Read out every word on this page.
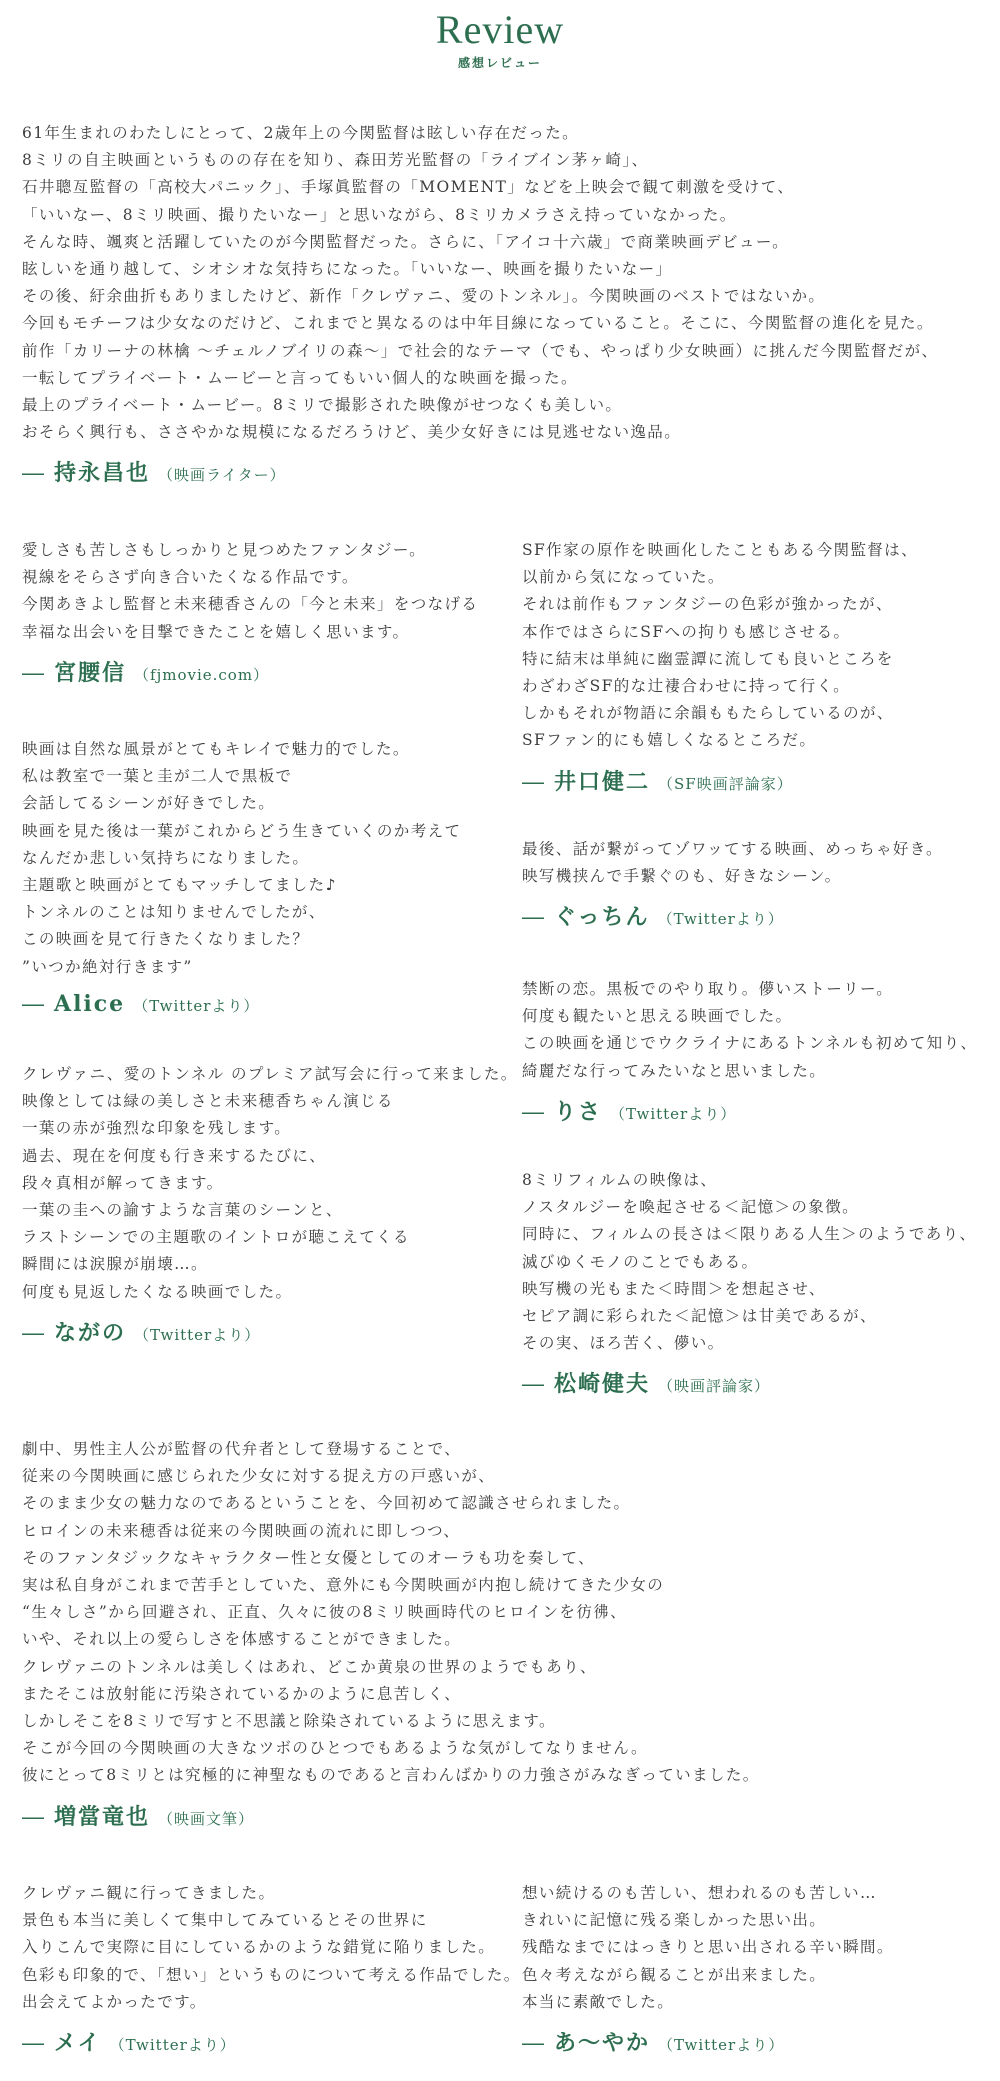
Review
感想レビュー
61年生まれのわたしにとって、2歳年上の今関監督は眩しい存在だった。
8ミリの自主映画というものの存在を知り、森田芳光監督の「ライブイン茅ヶ崎」、
石井聰亙監督の「高校大パニック」、手塚眞監督の「MOMENT」などを上映会で観て刺激を受けて、
「いいなー、8ミリ映画、撮りたいなー」と思いながら、8ミリカメラさえ持っていなかった。
そんな時、颯爽と活躍していたのが今関監督だった。さらに、「アイコ十六歳」で商業映画デビュー。
眩しいを通り越して、シオシオな気持ちになった。「いいなー、映画を撮りたいなー」
その後、紆余曲折もありましたけど、新作「クレヴァニ、愛のトンネル」。今関映画のベストではないか。
今回もモチーフは少女なのだけど、これまでと異なるのは中年目線になっていること。そこに、今関監督の進化を見た。
前作「カリーナの林檎 ～チェルノブイリの森～」で社会的なテーマ（でも、やっぱり少女映画）に挑んだ今関監督だが、
一転してプライベート・ムービーと言ってもいい個人的な映画を撮った。
最上のプライベート・ムービー。8ミリで撮影された映像がせつなくも美しい。
おそらく興行も、ささやかな規模になるだろうけど、美少女好きには見逃せない逸品。
― 持永昌也 （映画ライター）
愛しさも苦しさもしっかりと見つめたファンタジー。
視線をそらさず向き合いたくなる作品です。
今関あきよし監督と未来穂香さんの「今と未来」をつなげる
幸福な出会いを目撃できたことを嬉しく思います。
― 宮腰信 （fjmovie.com）
映画は自然な風景がとてもキレイで魅力的でした。
私は教室で一葉と圭が二人で黒板で
会話してるシーンが好きでした。
映画を見た後は一葉がこれからどう生きていくのか考えて
なんだか悲しい気持ちになりました。
主題歌と映画がとてもマッチしてました♪
トンネルのことは知りませんでしたが、
この映画を見て行きたくなりました？
”いつか絶対行きます”
― Alice （Twitterより）
クレヴァニ、愛のトンネル のプレミア試写会に行って来ました。
映像としては緑の美しさと未来穂香ちゃん演じる
一葉の赤が強烈な印象を残します。
過去、現在を何度も行き来するたびに、
段々真相が解ってきます。
一葉の圭への諭すような言葉のシーンと、
ラストシーンでの主題歌のイントロが聴こえてくる
瞬間には涙腺が崩壊…。
何度も見返したくなる映画でした。
― ながの （Twitterより）
SF作家の原作を映画化したこともある今関監督は、
以前から気になっていた。
それは前作もファンタジーの色彩が強かったが、
本作ではさらにSFへの拘りも感じさせる。
特に結末は単純に幽霊譚に流しても良いところを
わざわざSF的な辻褄合わせに持って行く。
しかもそれが物語に余韻ももたらしているのが、
SFファン的にも嬉しくなるところだ。
― 井口健二 （SF映画評論家）
最後、話が繋がってゾワッてする映画、めっちゃ好き。
映写機挟んで手繋ぐのも、好きなシーン。
― ぐっちん （Twitterより）
禁断の恋。黒板でのやり取り。儚いストーリー。
何度も観たいと思える映画でした。
この映画を通じでウクライナにあるトンネルも初めて知り、
綺麗だな行ってみたいなと思いました。
― りさ （Twitterより）
8ミリフィルムの映像は、
ノスタルジーを喚起させる＜記憶＞の象徴。
同時に、フィルムの長さは＜限りある人生＞のようであり、
滅びゆくモノのことでもある。
映写機の光もまた＜時間＞を想起させ、
セピア調に彩られた＜記憶＞は甘美であるが、
その実、ほろ苦く、儚い。
― 松崎健夫 （映画評論家）
劇中、男性主人公が監督の代弁者として登場することで、
従来の今関映画に感じられた少女に対する捉え方の戸惑いが、
そのまま少女の魅力なのであるということを、今回初めて認識させられました。
ヒロインの未来穂香は従来の今関映画の流れに即しつつ、
そのファンタジックなキャラクター性と女優としてのオーラも功を奏して、
実は私自身がこれまで苦手としていた、意外にも今関映画が内抱し続けてきた少女の
“生々しさ”から回避され、正直、久々に彼の8ミリ映画時代のヒロインを彷彿、
いや、それ以上の愛らしさを体感することができました。
クレヴァニのトンネルは美しくはあれ、どこか黄泉の世界のようでもあり、
またそこは放射能に汚染されているかのように息苦しく、
しかしそこを8ミリで写すと不思議と除染されているように思えます。
そこが今回の今関映画の大きなツボのひとつでもあるような気がしてなりません。
彼にとって8ミリとは究極的に神聖なものであると言わんばかりの力強さがみなぎっていました。
― 増當竜也 （映画文筆）
クレヴァニ観に行ってきました。
景色も本当に美しくて集中してみているとその世界に
入りこんで実際に目にしているかのような錯覚に陥りました。
色彩も印象的で、「想い」というものについて考える作品でした。
出会えてよかったです。
― メイ （Twitterより）
想い続けるのも苦しい、想われるのも苦しい…
きれいに記憶に残る楽しかった思い出。
残酷なまでにはっきりと思い出される辛い瞬間。
色々考えながら観ることが出来ました。
本当に素敵でした。
― あ～やか （Twitterより）
